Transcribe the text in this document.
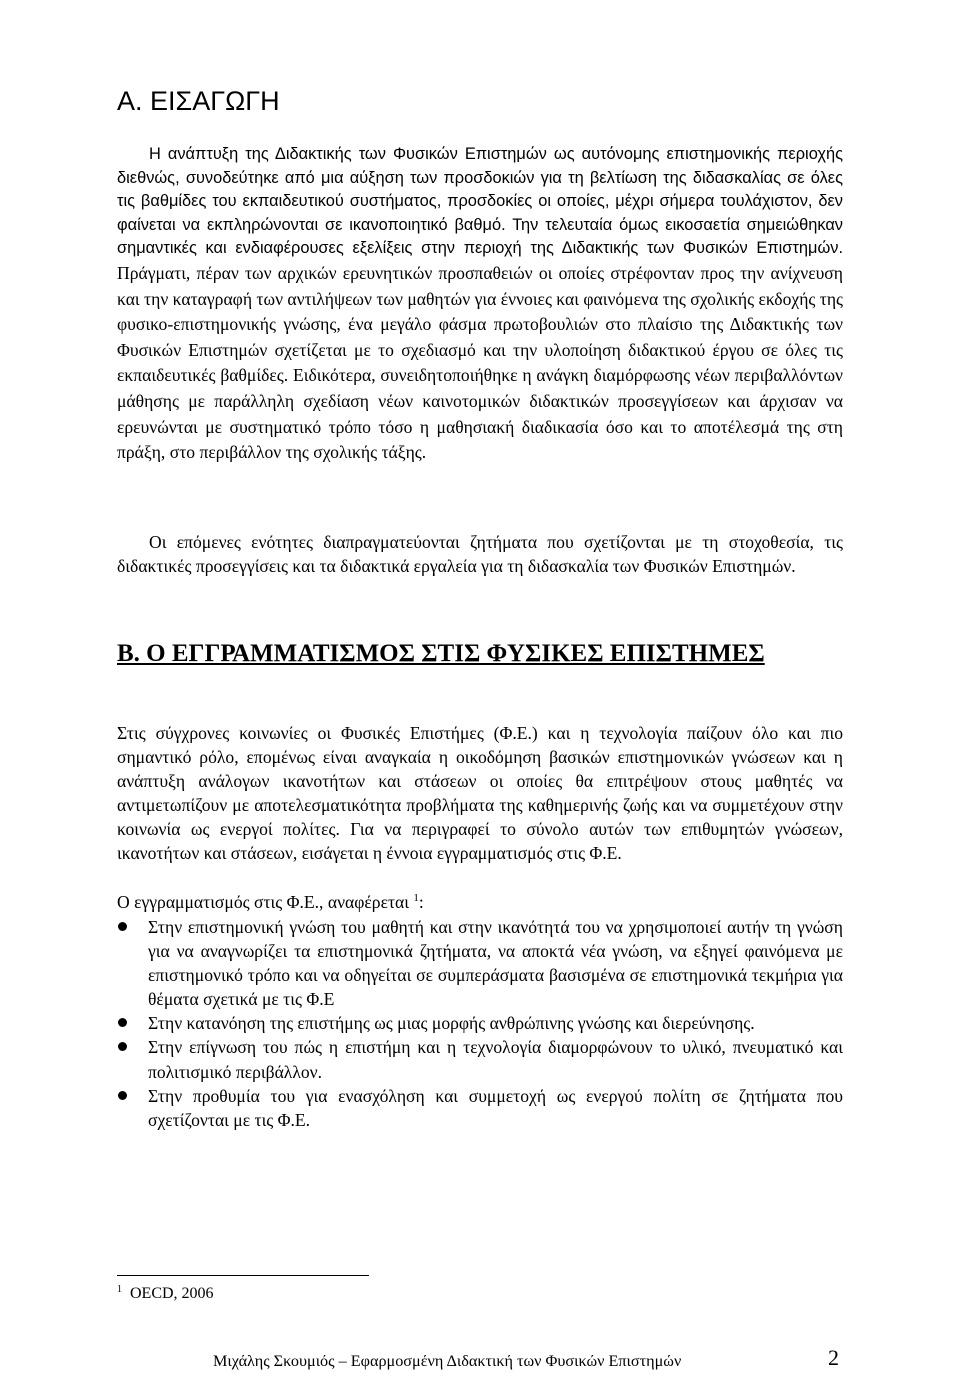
Α. ΕΙΣΑΓΩΓΗ

Η ανάπτυξη της Διδακτικής των Φυσικών Επιστημών ως αυτόνομης επιστημονικής περιοχής διεθνώς, συνοδεύτηκε από μια αύξηση των προσδοκιών για τη βελτίωση της διδασκαλίας σε όλες τις βαθμίδες του εκπαιδευτικού συστήματος, προσδοκίες οι οποίες, μέχρι σήμερα τουλάχιστον, δεν φαίνεται να εκπληρώνονται σε ικανοποιητικό βαθμό. Την τελευταία όμως εικοσαετία σημειώθηκαν σημαντικές και ενδιαφέρουσες εξελίξεις στην περιοχή της Διδακτικής των Φυσικών Επιστημών. Πράγματι, πέραν των αρχικών ερευνητικών προσπαθειών οι οποίες στρέφονταν προς την ανίχνευση και την καταγραφή των αντιλήψεων των μαθητών για έννοιες και φαινόμενα της σχολικής εκδοχής της φυσικο-επιστημονικής γνώσης, ένα μεγάλο φάσμα πρωτοβουλιών στο πλαίσιο της Διδακτικής των Φυσικών Επιστημών σχετίζεται με το σχεδιασμό και την υλοποίηση διδακτικού έργου σε όλες τις εκπαιδευτικές βαθμίδες. Ειδικότερα, συνειδητοποιήθηκε η ανάγκη διαμόρφωσης νέων περιβαλλόντων μάθησης με παράλληλη σχεδίαση νέων καινοτομικών διδακτικών προσεγγίσεων και άρχισαν να ερευνώνται με συστηματικό τρόπο τόσο η μαθησιακή διαδικασία όσο και το αποτέλεσμά της στη πράξη, στο περιβάλλον της σχολικής τάξης.

Οι επόμενες ενότητες διαπραγματεύονται ζητήματα που σχετίζονται με τη στοχοθεσία, τις διδακτικές προσεγγίσεις και τα διδακτικά εργαλεία για τη διδασκαλία των Φυσικών Επιστημών.

Β. Ο ΕΓΓΡΑΜΜΑΤΙΣΜΟΣ ΣΤΙΣ ΦΥΣΙΚΕΣ ΕΠΙΣΤΗΜΕΣ

Στις σύγχρονες κοινωνίες οι Φυσικές Επιστήμες (Φ.Ε.) και η τεχνολογία παίζουν όλο και πιο σημαντικό ρόλο, επομένως είναι αναγκαία η οικοδόμηση βασικών επιστημονικών γνώσεων και η ανάπτυξη ανάλογων ικανοτήτων και στάσεων οι οποίες θα επιτρέψουν στους μαθητές να αντιμετωπίζουν με αποτελεσματικότητα προβλήματα της καθημερινής ζωής και να συμμετέχουν στην κοινωνία ως ενεργοί πολίτες. Για να περιγραφεί το σύνολο αυτών των επιθυμητών γνώσεων, ικανοτήτων και στάσεων, εισάγεται η έννοια εγγραμματισμός στις Φ.Ε.

Ο εγγραμματισμός στις Φ.Ε., αναφέρεται $^1$:

Στην επιστημονική γνώση του μαθητή και στην ικανότητά του να χρησιμοποιεί αυτήν τη γνώση για να αναγνωρίζει τα επιστημονικά ζητήματα, να αποκτά νέα γνώση, να εξηγεί φαινόμενα με επιστημονικό τρόπο και να οδηγείται σε συμπεράσματα βασισμένα σε επιστημονικά τεκμήρια για θέματα σχετικά με τις Φ.Ε
Στην κατανόηση της επιστήμης ως μιας μορφής ανθρώπινης γνώσης και διερεύνησης.
Στην επίγνωση του πώς η επιστήμη και η τεχνολογία διαμορφώνουν το υλικό, πνευματικό και πολιτισμικό περιβάλλον.
Στην προθυμία του για ενασχόληση και συμμετοχή ως ενεργού πολίτη σε ζητήματα που σχετίζονται με τις Φ.Ε.

$^1$ OECD, 2006

Μιχάλης Σκουμιός – Εφαρμοσμένη Διδακτική των Φυσικών Επιστημών	2
